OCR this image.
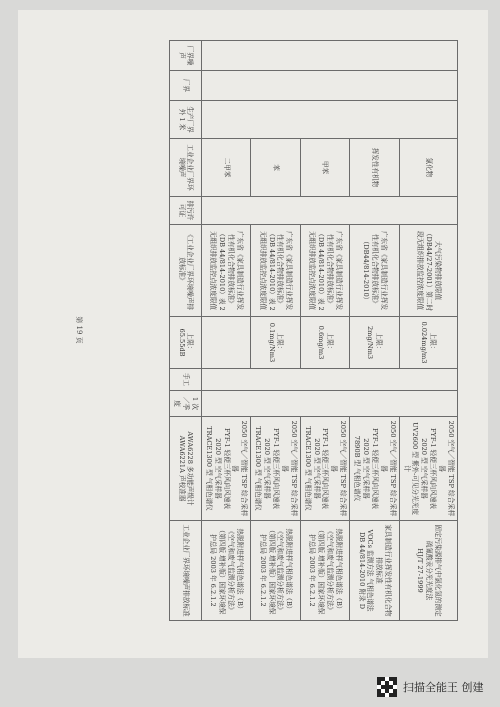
			氯化物		大气污染物排放限值（DB44/27-2001）第二时段无组织排放监控浓度限值	上限：0.024mg/m3			2050 空气／智能 TSP 综合采样器
FYF-1 轻便三杯风向风速表
2020 型 空气采样器
UV2600 型 紫外-可见分光光度计	固定污染源排气中氯化氢的测定
硫氰酸汞分光光度法
HJ/T 27-1999
			挥发性有机物		广东省《家具制造行业挥发性有机化合物排放标准》（DB44/814-2010）	上限：2mg/Nm3			2050 空气／智能 TSP 综合采样器
FYF-1 轻便三杯风向风速表
2020 型 空气采样器
7890B 型 气相色谱仪	家具制造行业挥发性有机化合物排放标准
VOCs 监测方法 气相色谱法
DB 44/814-2010 附录 D
			甲苯		广东省《家具制造行业挥发性有机化合物排放标准》（DB 44/814-2010）表 2 无组织排放监控点浓度限值	上限：0.6mg/m3			2050 空气／智能 TSP 综合采样器
FYF-1 轻便三杯风向风速表
2020 型 空气采样器
TRACE1300 型 气相色谱仪	热脱附进样气相色谱法（B）
《空气和废气监测分析方法》（第四版 增补版）国家环境保护总局 2003 年 6.2.1.2
			苯		广东省《家具制造行业挥发性有机化合物排放标准》（DB 44/814-2010）表 2 无组织排放监控点浓度限值	上限：0.1mg/Nm3			2050 空气／智能 TSP 综合采样器
FYF-1 轻便三杯风向风速表
2020 型 空气采样器
TRACE1300 型 气相色谱仪	热脱附进样气相色谱法（B）
《空气和废气监测分析方法》（第四版 增补版）国家环境保护总局 2003 年 6.2.1.2
			二甲苯		广东省《家具制造行业挥发性有机化合物排放标准》（DB 44/814-2010）表 2 无组织排放监控点浓度限值				2050 空气／智能 TSP 综合采样器
FYF-1 轻便三杯风向风速表
2020 型 空气采样器
TRACE1300 型 气相色谱仪	热脱附进样气相色谱法（B）
《空气和废气监测分析方法》（第四版 增补版）国家环境保护总局 2003 年 6.2.1.2
厂界噪声	厂界	生产厂界外 1 米	工业企业厂界环境噪声	排污许可证	《工业企业厂界环境噪声排放标准》	上限：65.55dB	手工	1 次／季度	AWA6228 多功能声级计
AWA6221A 声校准器	工业企业厂界环境噪声排放标准
第 19 页
扫描全能王 创建
